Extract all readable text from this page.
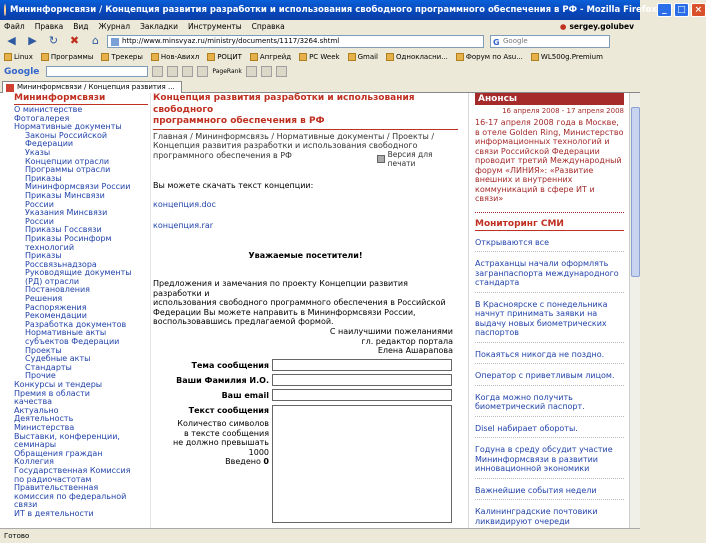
Мининформсвязи / Концепция развития разработки и использования свободного программного обеспечения в РФ - Mozilla Firefox _	□ ×
Файл Правка Вид Журнал Закладки Инструменты Справка	● sergey.golubev
◀ ▶ ↻ ✖	⌂	http://www.minsvyaz.ru/ministry/documents/1117/3264.shtml	G Google
Linux	Программы	Трекеры	Нов-Авиxл	РОЦИТ	Апгрейд	PC Week	Gmail	Однокласни...	Форум по Asu...	WL500g.Premium
Google	PageRank
Мининформсвязи / Концепция развития ...
Мининформсвязи
О министерстве
Фотогалерея
Нормативные документы
Законы Российской
Федерации
Указы
Концепции отрасли
Программы отрасли
Приказы
Мининформсвязи России
Приказы Минсвязи
России
Указания Минсвязи
России
Приказы Госсвязи
Приказы Росинформ
технологий
Приказы
Россвязьнадзора
Руководящие документы
(РД) отрасли
Постановления
Решения
Распоряжения
Рекомендации
Разработка документов
Нормативные акты
субъектов Федерации
Проекты
Судебные акты
Стандарты
Прочие
Конкурсы и тендеры
Премия в области
качества
Актуально
Деятельность
Министерства
Выставки, конференции,
семинары
Обращения граждан
Коллегия
Государственная Комиссия
по радиочастотам
Правительственная
комиссия по федеральной
связи
ИТ в деятельности
Концепция развития разработки и использования свободного
программного обеспечения в РФ
Главная / Мининформсвязь / Нормативные документы / Проекты /
Концепция развития разработки и использования свободного
программного обеспечения в РФ	Версия для печати
Вы можете скачать текст концепции:
концепция.doc
концепция.rar
Уважаемые посетители!
Предложения и замечания по проекту Концепции развития разработки и
использования свободного программного обеспечения в Российской
Федерации Вы можете направить в Мининформсвязи России,
воспользовавшись предлагаемой формой.
С наилучшими пожеланиями
гл. редактор портала
Елена Ашарапова
Тема сообщения
Ваши Фамилия И.О.
Ваш email
Текст сообщения
Количество символов
в тексте сообщения
не должно превышать 1000
Введено 0
Анонсы
16 апреля 2008 - 17 апреля 2008
16-17 апреля 2008 года в Москве, в отеле Golden Ring, Министерство информационных технологий и связи Российской Федерации проводит третий Международный форум «ЛИНИЯ»: «Развитие внешних и внутренних коммуникаций в сфере ИТ и связи»
Мониторинг СМИ
Открываются все
Астраханцы начали оформлять загранпаспорта международного стандарта
В Красноярске с понедельника начнут принимать заявки на выдачу новых биометрических паспортов
Покаяться никогда не поздно.
Оператор с приветливым лицом.
Когда можно получить биометрический паспорт.
Disel набирает обороты.
Годуна в среду обсудит участие Мининформсвязи в развитии инновационной экономики
Важнейшие события недели
Калининградские почтовики ликвидируют очереди
Готово
